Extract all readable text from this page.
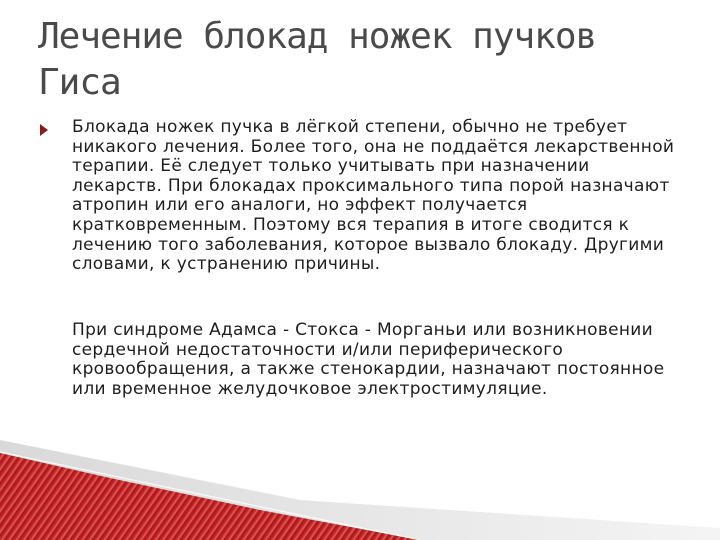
Лечение блокад ножек пучков Гиса

Блокада ножек пучка в лёгкой степени, обычно не требует никакого лечения. Более того, она не поддаётся лекарственной терапии. Её следует только учитывать при назначении лекарств. При блокадах проксимального типа порой назначают атропин или его аналоги, но эффект получается кратковременным. Поэтому вся терапия в итоге сводится к лечению того заболевания, которое вызвало блокаду. Другими словами, к устранению причины.

При синдроме Адамса - Стокса - Морганьи или возникновении сердечной недостаточности и/или периферического кровообращения, а также стенокардии, назначают постоянное или временное желудочковое электростимуляцие.
